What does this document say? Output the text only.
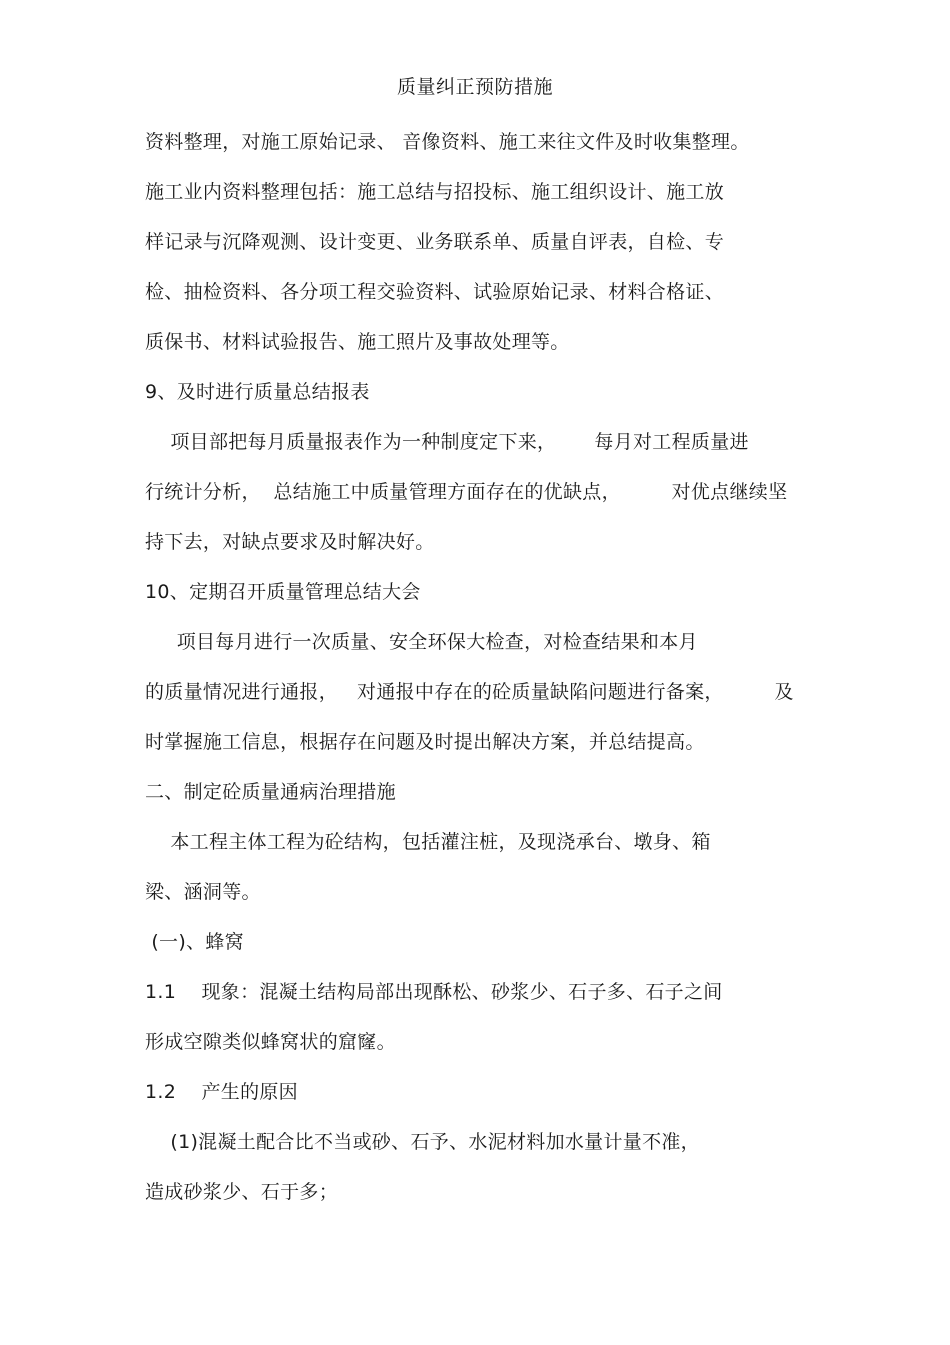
质量纠正预防措施
资料整理，对施工原始记录、 音像资料、施工来往文件及时收集整理。
施工业内资料整理包括：施工总结与招投标、施工组织设计、施工放
样记录与沉降观测、设计变更、业务联系单、质量自评表，自检、专
检、抽检资料、各分项工程交验资料、试验原始记录、材料合格证、
质保书、材料试验报告、施工照片及事故处理等。
9、及时进行质量总结报表
项目部把每月质量报表作为一种制度定下来，      每月对工程质量进
行统计分析，  总结施工中质量管理方面存在的优缺点，        对优点继续坚
持下去，对缺点要求及时解决好。
10、定期召开质量管理总结大会
项目每月进行一次质量、安全环保大检查，对检查结果和本月
的质量情况进行通报，   对通报中存在的砼质量缺陷问题进行备案，        及
时掌握施工信息，根据存在问题及时提出解决方案，并总结提高。
二、制定砼质量通病治理措施
本工程主体工程为砼结构，包括灌注桩，及现浇承台、墩身、箱
梁、涵洞等。
(一)、蜂窝
1.1    现象：混凝土结构局部出现酥松、砂浆少、石子多、石子之间
形成空隙类似蜂窝状的窟窿。
1.2    产生的原因
(1)混凝土配合比不当或砂、石予、水泥材料加水量计量不准，
造成砂浆少、石于多；
